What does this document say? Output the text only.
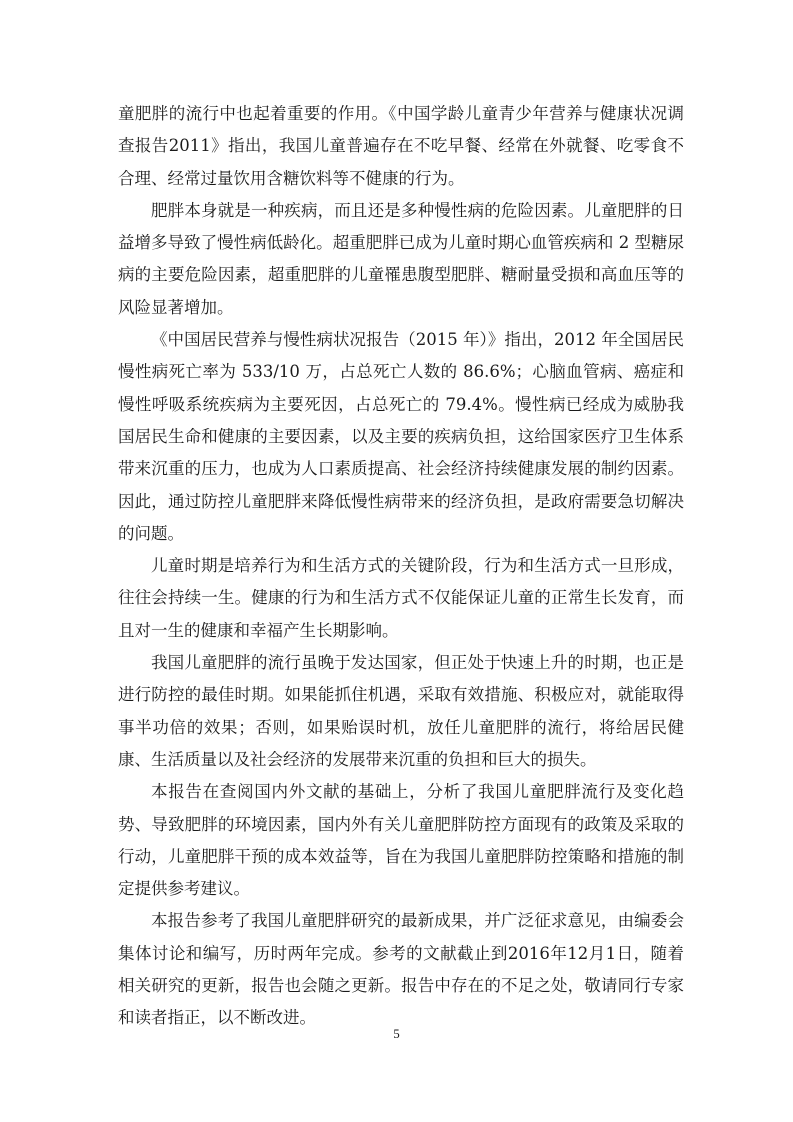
童肥胖的流行中也起着重要的作用。《中国学龄儿童青少年营养与健康状况调查报告2011》指出，我国儿童普遍存在不吃早餐、经常在外就餐、吃零食不合理、经常过量饮用含糖饮料等不健康的行为。

肥胖本身就是一种疾病，而且还是多种慢性病的危险因素。儿童肥胖的日益增多导致了慢性病低龄化。超重肥胖已成为儿童时期心血管疾病和 2 型糖尿病的主要危险因素，超重肥胖的儿童罹患腹型肥胖、糖耐量受损和高血压等的风险显著增加。

《中国居民营养与慢性病状况报告（2015 年）》指出，2012 年全国居民慢性病死亡率为 533/10 万，占总死亡人数的 86.6%；心脑血管病、癌症和慢性呼吸系统疾病为主要死因，占总死亡的 79.4%。慢性病已经成为威胁我国居民生命和健康的主要因素，以及主要的疾病负担，这给国家医疗卫生体系带来沉重的压力，也成为人口素质提高、社会经济持续健康发展的制约因素。因此，通过防控儿童肥胖来降低慢性病带来的经济负担，是政府需要急切解决的问题。

儿童时期是培养行为和生活方式的关键阶段，行为和生活方式一旦形成，往往会持续一生。健康的行为和生活方式不仅能保证儿童的正常生长发育，而且对一生的健康和幸福产生长期影响。

我国儿童肥胖的流行虽晚于发达国家，但正处于快速上升的时期，也正是进行防控的最佳时期。如果能抓住机遇，采取有效措施、积极应对，就能取得事半功倍的效果；否则，如果贻误时机，放任儿童肥胖的流行，将给居民健康、生活质量以及社会经济的发展带来沉重的负担和巨大的损失。

本报告在查阅国内外文献的基础上，分析了我国儿童肥胖流行及变化趋势、导致肥胖的环境因素，国内外有关儿童肥胖防控方面现有的政策及采取的行动，儿童肥胖干预的成本效益等，旨在为我国儿童肥胖防控策略和措施的制定提供参考建议。

本报告参考了我国儿童肥胖研究的最新成果，并广泛征求意见，由编委会集体讨论和编写，历时两年完成。参考的文献截止到2016年12月1日，随着相关研究的更新，报告也会随之更新。报告中存在的不足之处，敬请同行专家和读者指正，以不断改进。

5
